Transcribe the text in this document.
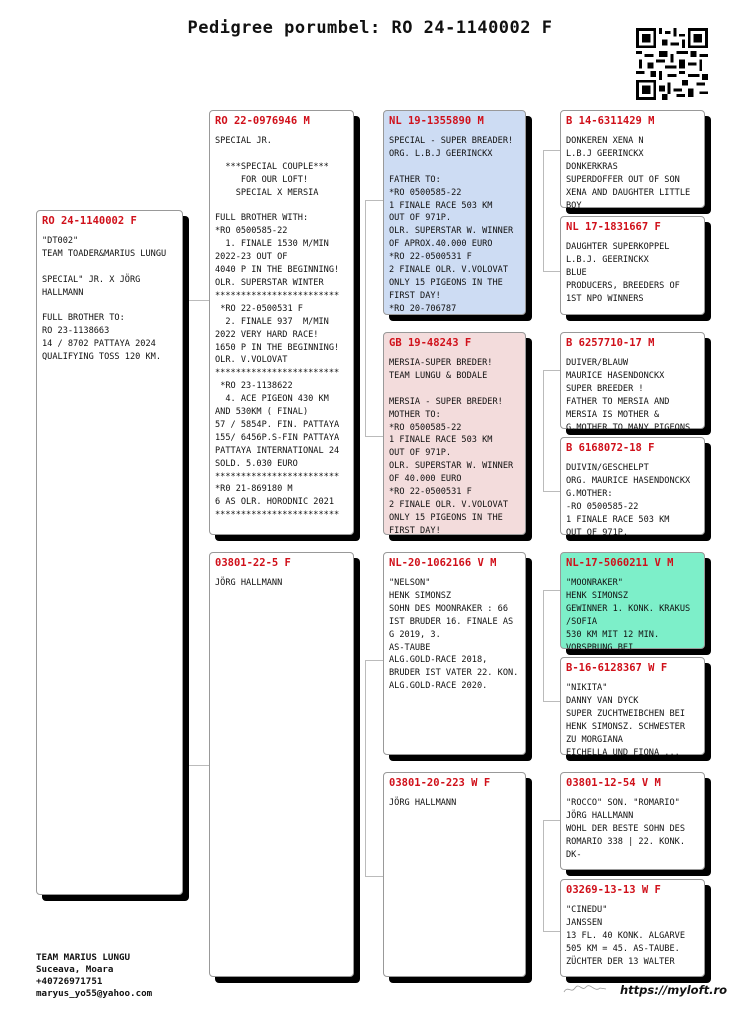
Pedigree porumbel: RO 24-1140002 F
RO 24-1140002 F
"DT002"
TEAM TOADER&MARIUS LUNGU

SPECIAL" JR. X JÖRG HALLMANN

FULL BROTHER TO:
RO 23-1138663
14 / 8702 PATTAYA 2024 QUALIFYING TOSS 120 KM.
RO 22-0976946 M
SPECIAL JR.

***SPECIAL COUPLE***
FOR OUR LOFT!
SPECIAL X MERSIA

FULL BROTHER WITH:
*RO 0500585-22
1. FINALE 1530 M/MIN 2022-23 OUT OF
4040 P IN THE BEGINNING!
OLR. SUPERSTAR WINTER
************************
*RO 22-0500531 F
2. FINALE 937  M/MIN
2022 VERY HARD RACE!
1650 P IN THE BEGINNING!
OLR. V.VOLOVAT
************************
*RO 23-1138622
4. ACE PIGEON 430 KM
AND 530KM ( FINAL)
57 / 5854P. FIN. PATTAYA
155/ 6456P.S-FIN PATTAYA
PATTAYA INTERNATIONAL 24
SOLD. 5.030 EURO
************************
*R0 21-869180 M
6 AS OLR. HORODNIC 2021
************************
03801-22-5 F
JÖRG HALLMANN
NL 19-1355890 M
SPECIAL - SUPER BREADER!
ORG. L.B.J GEERINCKX

FATHER TO:
*RO 0500585-22
1 FINALE RACE 503 KM
OUT OF 971P.
OLR. SUPERSTAR W. WINNER OF APROX.40.000 EURO
*RO 22-0500531 F
2 FINALE OLR. V.VOLOVAT
ONLY 15 PIGEONS IN THE
FIRST DAY!
*RO 20-706787
GB 19-48243 F
MERSIA-SUPER BREDER!
TEAM LUNGU & BODALE

MERSIA - SUPER BREDER!
MOTHER TO:
*RO 0500585-22
1 FINALE RACE 503 KM
OUT OF 971P.
OLR. SUPERSTAR W. WINNER OF 40.000 EURO
*RO 22-0500531 F
2 FINALE OLR. V.VOLOVAT
ONLY 15 PIGEONS IN THE
FIRST DAY!
NL-20-1062166 V M
"NELSON"
HENK SIMONSZ
SOHN DES MOONRAKER : 66 IST BRUDER 16. FINALE AS G 2019, 3.
AS-TAUBE
ALG.GOLD-RACE 2018, BRUDER IST VATER 22. KON. ALG.GOLD-RACE 2020.
03801-20-223 W F
JÖRG HALLMANN
B 14-6311429 M
DONKEREN XENA N
L.B.J GEERINCKX
DONKERKRAS
SUPERDOFFER OUT OF SON XENA AND DAUGHTER LITTLE BOY
NL 17-1831667 F
DAUGHTER SUPERKOPPEL
L.B.J. GEERINCKX
BLUE
PRODUCERS, BREEDERS OF
1ST NPO WINNERS
B 6257710-17 M
DUIVER/BLAUW
MAURICE HASENDONCKX
SUPER BREEDER !
FATHER TO MERSIA AND
MERSIA IS MOTHER &
G.MOTHER TO MANY PIGEONS
B 6168072-18 F
DUIVIN/GESCHELPT
ORG. MAURICE HASENDONCKX
G.MOTHER:
-RO 0500585-22
1 FINALE RACE 503 KM
OUT OF 971P.
NL-17-5060211 V M
"MOONRAKER"
HENK SIMONSZ
GEWINNER 1. KONK. KRAKUS /SOFIA
530 KM MIT 12 MIN. VORSPRUNG BEI
B-16-6128367 W F
"NIKITA"
DANNY VAN DYCK
SUPER ZUCHTWEIBCHEN BEI HENK SIMONSZ. SCHWESTER ZU MORGIANA
EICHELLA UND FIONA ...
03801-12-54 V M
"ROCCO" SON. "ROMARIO"
JÖRG HALLMANN
WOHL DER BESTE SOHN DES ROMARIO 338 | 22. KONK. DK-
03269-13-13 W F
"CINEDU"
JANSSEN
13 FL. 40 KONK. ALGARVE 505 KM = 45. AS-TAUBE.
ZÜCHTER DER 13 WALTER
TEAM MARIUS LUNGU
Suceava, Moara
+40726971751
maryus_yo55@yahoo.com	https://myloft.ro
